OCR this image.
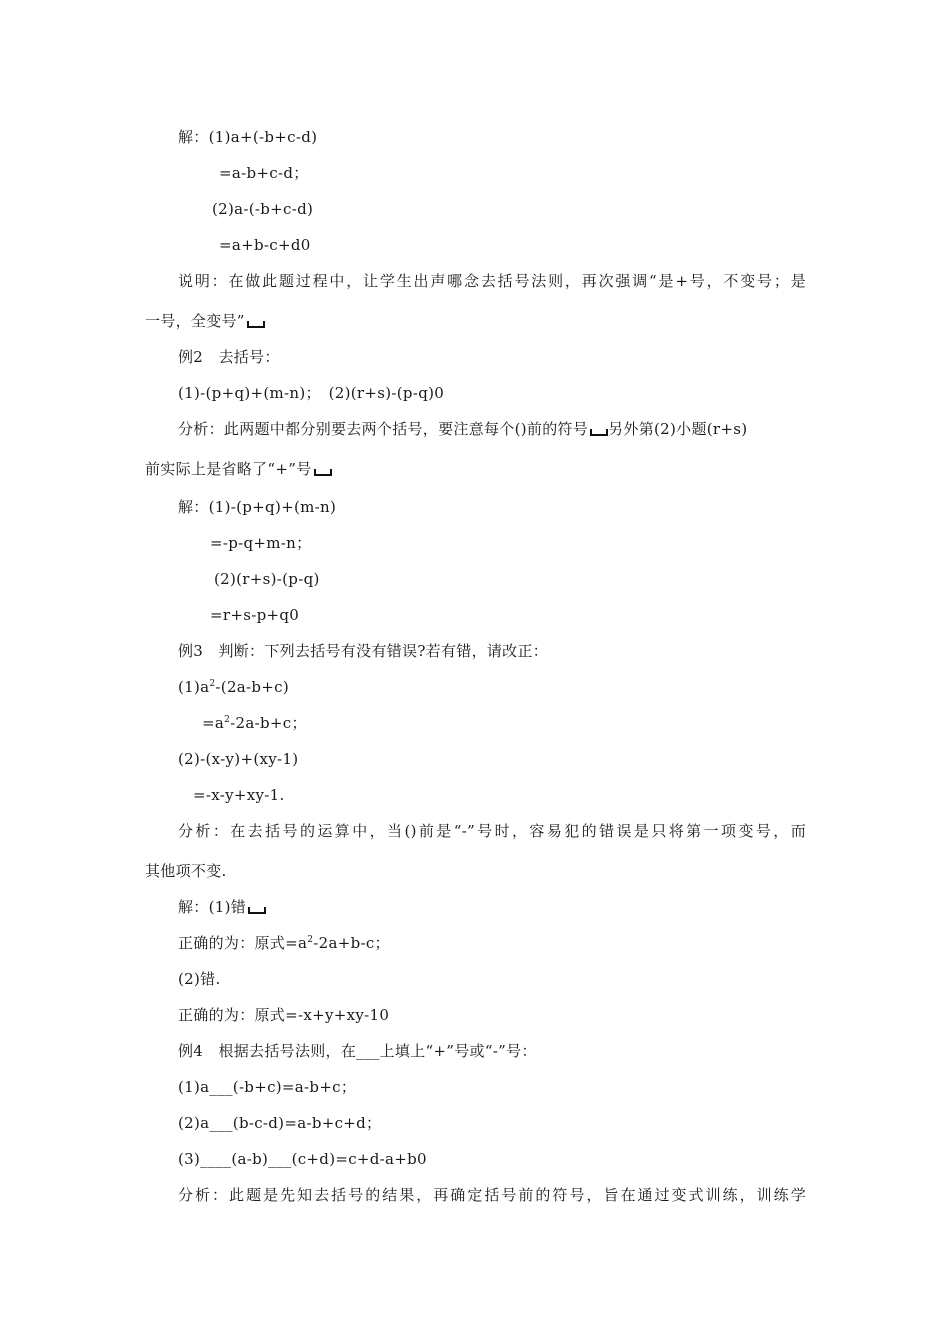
解：(1)a+(-b+c-d)
=a-b+c-d；
(2)a-(-b+c-d)
=a+b-c+d0
说明：在做此题过程中，让学生出声哪念去括号法则，再次强调“是+号，不变号；是
一号，全变号”
例2　去括号：
(1)-(p+q)+(m-n)；　(2)(r+s)-(p-q)0
分析：此两题中都分别要去两个括号，要注意每个()前的符号 另外第(2)小题(r+s)
前实际上是省略了“+”号
解：(1)-(p+q)+(m-n)
=-p-q+m-n；
(2)(r+s)-(p-q)
=r+s-p+q0
例3　判断：下列去括号有没有错误?若有错，请改正：
$(1)a^2-(2a-b+c)$
$=a^2-2a-b+c$；
(2)-(x-y)+(xy-1)
=-x-y+xy-1.
分析：在去括号的运算中，当()前是“-”号时，容易犯的错误是只将第一项变号，而
其他项不变.
解：(1)错
正确的为：原式$=a^2-2a+b-c$；
(2)错.
正确的为：原式=-x+y+xy-10
例4　根据去括号法则，在___上填上“+”号或“-”号：
(1)a___(-b+c)=a-b+c；
(2)a___(b-c-d)=a-b+c+d；
(3)____(a-b)___(c+d)=c+d-a+b0
分析：此题是先知去括号的结果，再确定括号前的符号，旨在通过变式训练，训练学
